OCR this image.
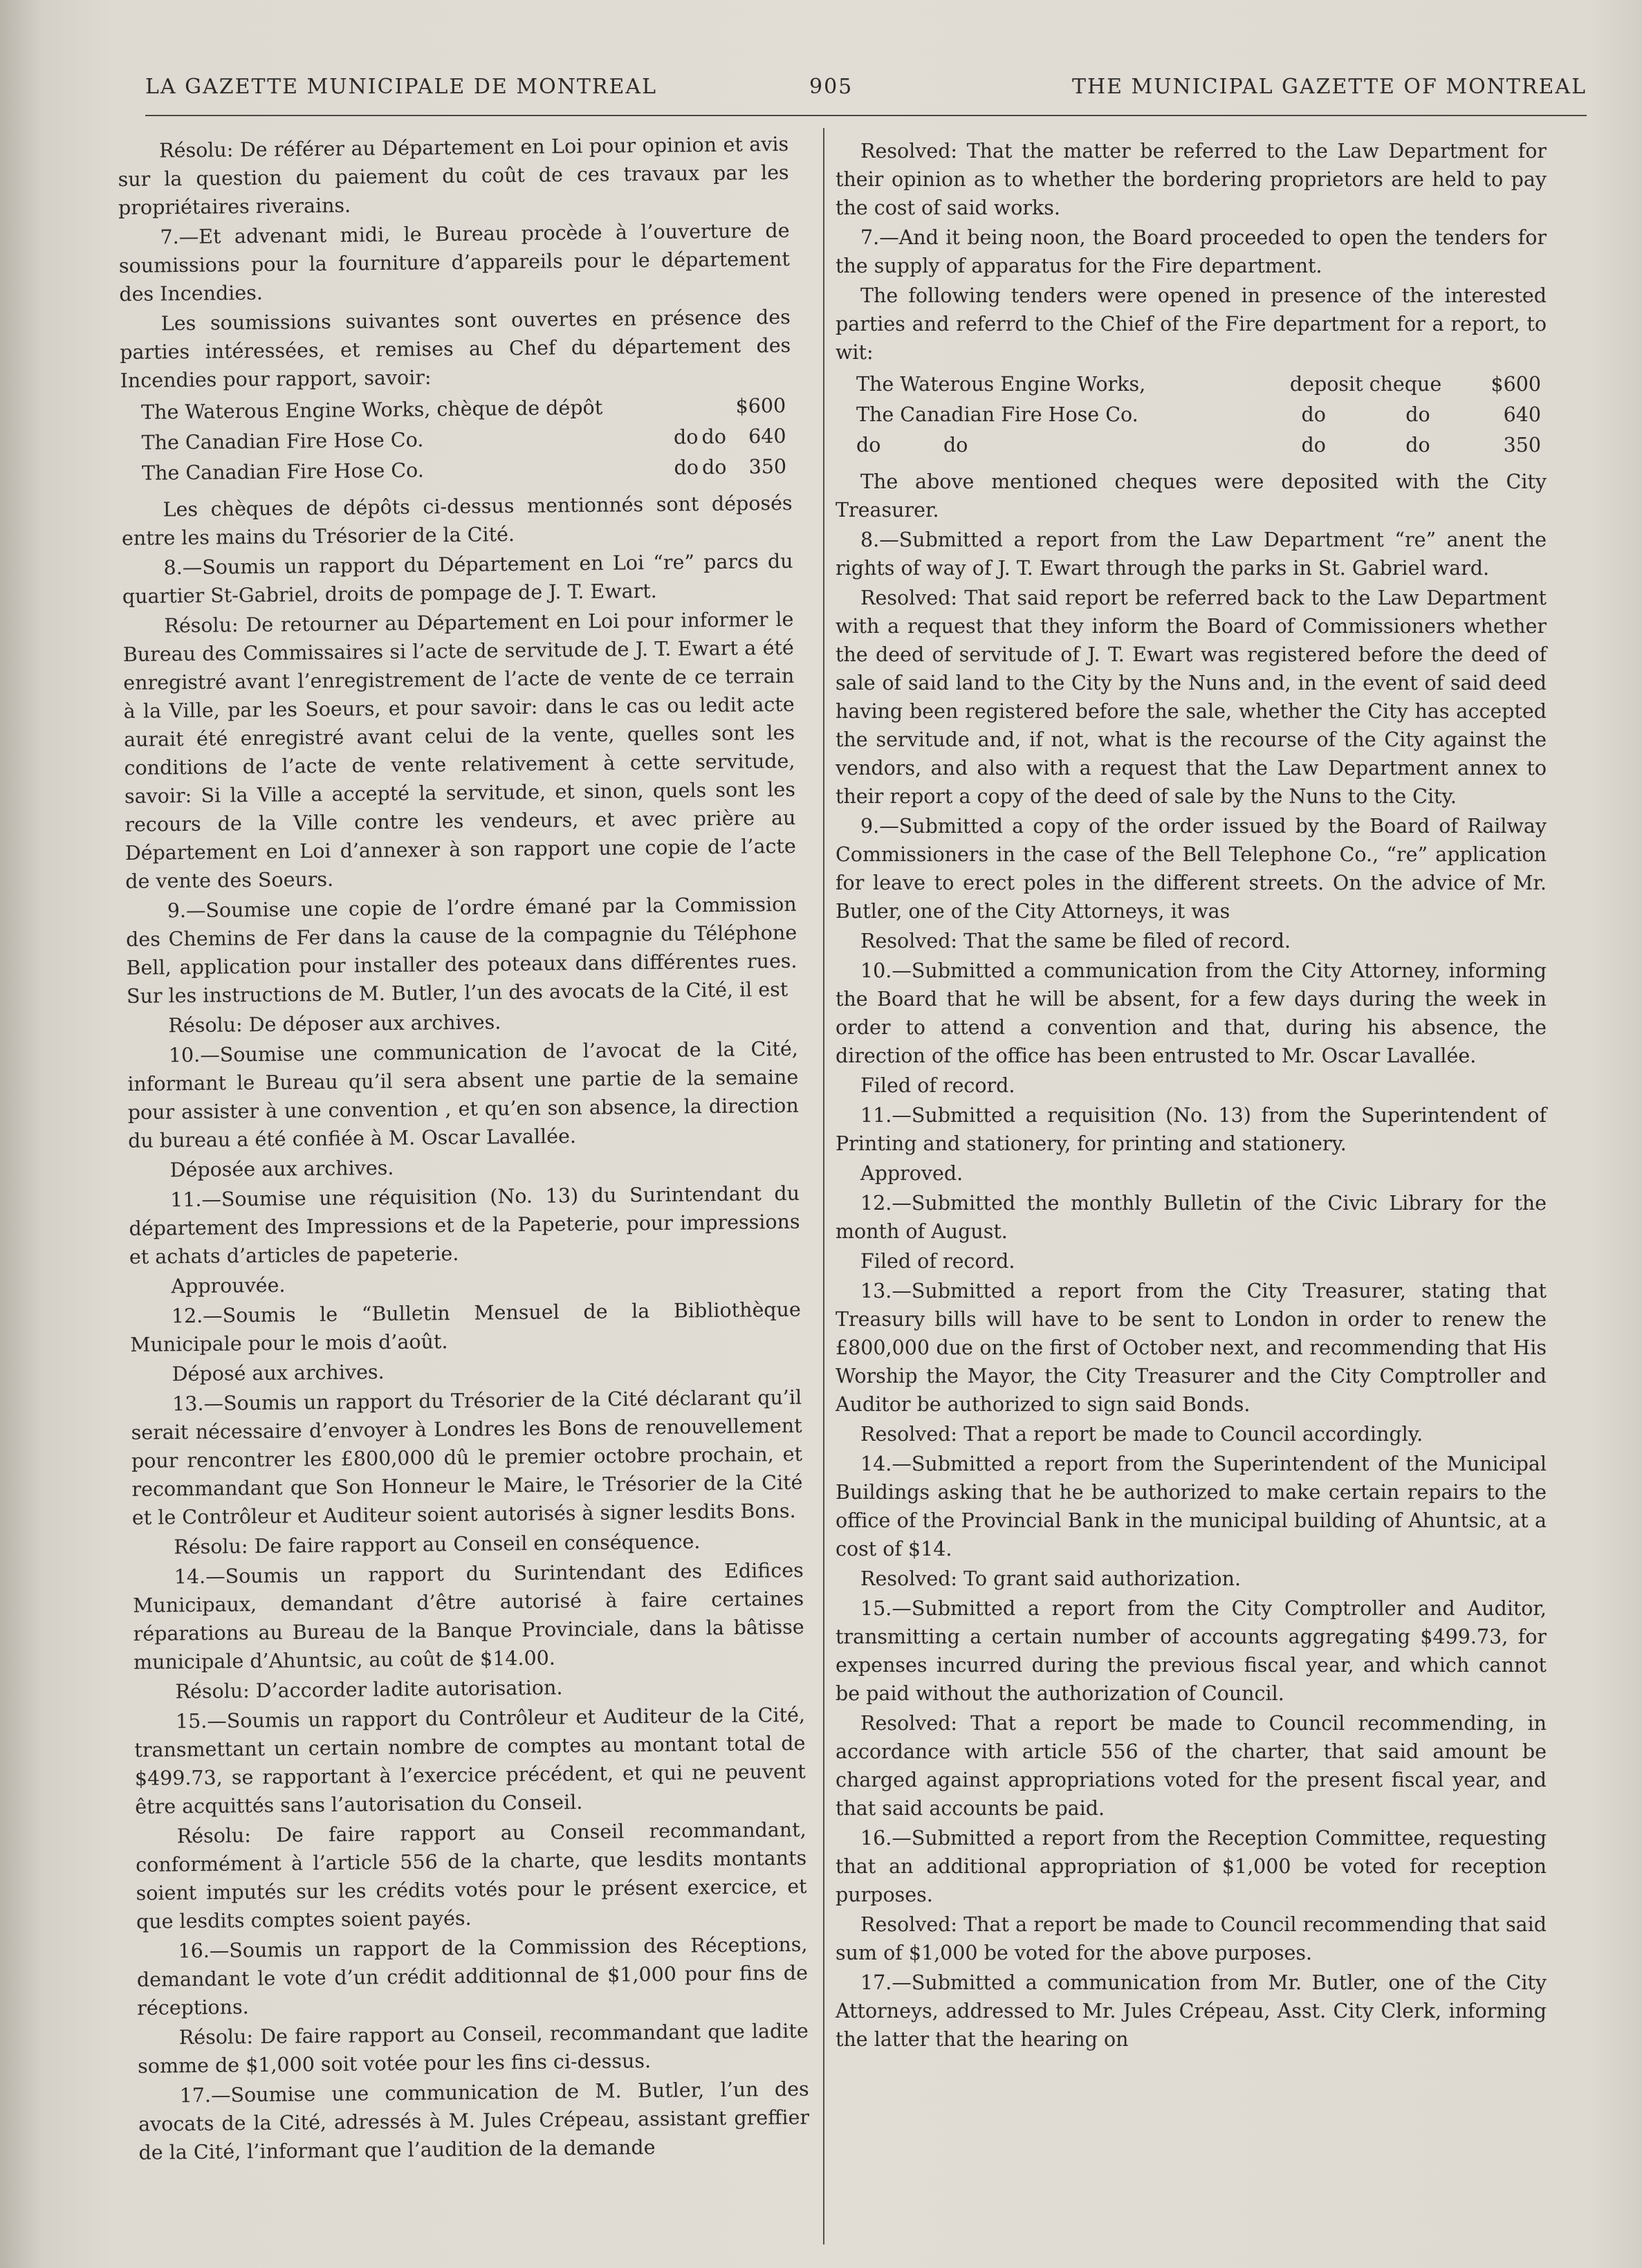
LA GAZETTE MUNICIPALE DE MONTREAL	905	THE MUNICIPAL GAZETTE OF MONTREAL

Résolu: De référer au Département en Loi pour opinion et avis sur la question du paiement du coût de ces travaux par les propriétaires riverains.

7.—Et advenant midi, le Bureau procède à l’ouverture de soumissions pour la fourniture d’appareils pour le département des Incendies.

Les soumissions suivantes sont ouvertes en présence des parties intéressées, et remises au Chef du département des Incendies pour rapport, savoir:

The Waterous Engine Works, chèque de dépôt			$600
The Canadian Fire Hose Co.	do	do	640
The Canadian Fire Hose Co.	do	do	350

Les chèques de dépôts ci-dessus mentionnés sont déposés entre les mains du Trésorier de la Cité.

8.—Soumis un rapport du Département en Loi “re” parcs du quartier St-Gabriel, droits de pompage de J. T. Ewart.

Résolu: De retourner au Département en Loi pour informer le Bureau des Commissaires si l’acte de servitude de J. T. Ewart a été enregistré avant l’enregistrement de l’acte de vente de ce terrain à la Ville, par les Soeurs, et pour savoir: dans le cas ou ledit acte aurait été enregistré avant celui de la vente, quelles sont les conditions de l’acte de vente relativement à cette servitude, savoir: Si la Ville a accepté la servitude, et sinon, quels sont les recours de la Ville contre les vendeurs, et avec prière au Département en Loi d’annexer à son rapport une copie de l’acte de vente des Soeurs.

9.—Soumise une copie de l’ordre émané par la Commission des Chemins de Fer dans la cause de la compagnie du Téléphone Bell, application pour installer des poteaux dans différentes rues. Sur les instructions de M. Butler, l’un des avocats de la Cité, il est

Résolu: De déposer aux archives.

10.—Soumise une communication de l’avocat de la Cité, informant le Bureau qu’il sera absent une partie de la semaine pour assister à une convention , et qu’en son absence, la direction du bureau a été confiée à M. Oscar Lavallée.

Déposée aux archives.

11.—Soumise une réquisition (No. 13) du Surintendant du département des Impressions et de la Papeterie, pour impressions et achats d’articles de papeterie.

Approuvée.

12.—Soumis le “Bulletin Mensuel de la Bibliothèque Municipale pour le mois d’août.

Déposé aux archives.

13.—Soumis un rapport du Trésorier de la Cité déclarant qu’il serait nécessaire d’envoyer à Londres les Bons de renouvellement pour rencontrer les £800,000 dû le premier octobre prochain, et recommandant que Son Honneur le Maire, le Trésorier de la Cité et le Contrôleur et Auditeur soient autorisés à signer lesdits Bons.

Résolu: De faire rapport au Conseil en conséquence.

14.—Soumis un rapport du Surintendant des Edifices Municipaux, demandant d’être autorisé à faire certaines réparations au Bureau de la Banque Provinciale, dans la bâtisse municipale d’Ahuntsic, au coût de $14.00.

Résolu: D’accorder ladite autorisation.

15.—Soumis un rapport du Contrôleur et Auditeur de la Cité, transmettant un certain nombre de comptes au montant total de $499.73, se rapportant à l’exercice précédent, et qui ne peuvent être acquittés sans l’autorisation du Conseil.

Résolu: De faire rapport au Conseil recommandant, conformément à l’article 556 de la charte, que lesdits montants soient imputés sur les crédits votés pour le présent exercice, et que lesdits comptes soient payés.

16.—Soumis un rapport de la Commission des Réceptions, demandant le vote d’un crédit additionnal de $1,000 pour fins de réceptions.

Résolu: De faire rapport au Conseil, recommandant que ladite somme de $1,000 soit votée pour les fins ci-dessus.

17.—Soumise une communication de M. Butler, l’un des avocats de la Cité, adressés à M. Jules Crépeau, assistant greffier de la Cité, l’informant que l’audition de la demande

Resolved: That the matter be referred to the Law Department for their opinion as to whether the bordering proprietors are held to pay the cost of said works.

7.—And it being noon, the Board proceeded to open the tenders for the supply of apparatus for the Fire department.

The following tenders were opened in presence of the interested parties and referrd to the Chief of the Fire department for a report, to wit:

The Waterous Engine Works,	deposit cheque		$600
The Canadian Fire Hose Co.	do	do	640
do do	do	do	350

The above mentioned cheques were deposited with the City Treasurer.

8.—Submitted a report from the Law Department “re” anent the rights of way of J. T. Ewart through the parks in St. Gabriel ward.

Resolved: That said report be referred back to the Law Department with a request that they inform the Board of Commissioners whether the deed of servitude of J. T. Ewart was registered before the deed of sale of said land to the City by the Nuns and, in the event of said deed having been registered before the sale, whether the City has accepted the servitude and, if not, what is the recourse of the City against the vendors, and also with a request that the Law Department annex to their report a copy of the deed of sale by the Nuns to the City.

9.—Submitted a copy of the order issued by the Board of Railway Commissioners in the case of the Bell Telephone Co., “re” application for leave to erect poles in the different streets. On the advice of Mr. Butler, one of the City Attorneys, it was

Resolved: That the same be filed of record.

10.—Submitted a communication from the City Attorney, informing the Board that he will be absent, for a few days during the week in order to attend a convention and that, during his absence, the direction of the office has been entrusted to Mr. Oscar Lavallée.

Filed of record.

11.—Submitted a requisition (No. 13) from the Superintendent of Printing and stationery, for printing and stationery.

Approved.

12.—Submitted the monthly Bulletin of the Civic Library for the month of August.

Filed of record.

13.—Submitted a report from the City Treasurer, stating that Treasury bills will have to be sent to London in order to renew the £800,000 due on the first of October next, and recommending that His Worship the Mayor, the City Treasurer and the City Comptroller and Auditor be authorized to sign said Bonds.

Resolved: That a report be made to Council accordingly.

14.—Submitted a report from the Superintendent of the Municipal Buildings asking that he be authorized to make certain repairs to the office of the Provincial Bank in the municipal building of Ahuntsic, at a cost of $14.

Resolved: To grant said authorization.

15.—Submitted a report from the City Comptroller and Auditor, transmitting a certain number of accounts aggregating $499.73, for expenses incurred during the previous fiscal year, and which cannot be paid without the authorization of Council.

Resolved: That a report be made to Council recommending, in accordance with article 556 of the charter, that said amount be charged against appropriations voted for the present fiscal year, and that said accounts be paid.

16.—Submitted a report from the Reception Committee, requesting that an additional appropriation of $1,000 be voted for reception purposes.

Resolved: That a report be made to Council recommending that said sum of $1,000 be voted for the above purposes.

17.—Submitted a communication from Mr. Butler, one of the City Attorneys, addressed to Mr. Jules Crépeau, Asst. City Clerk, informing the latter that the hearing on
